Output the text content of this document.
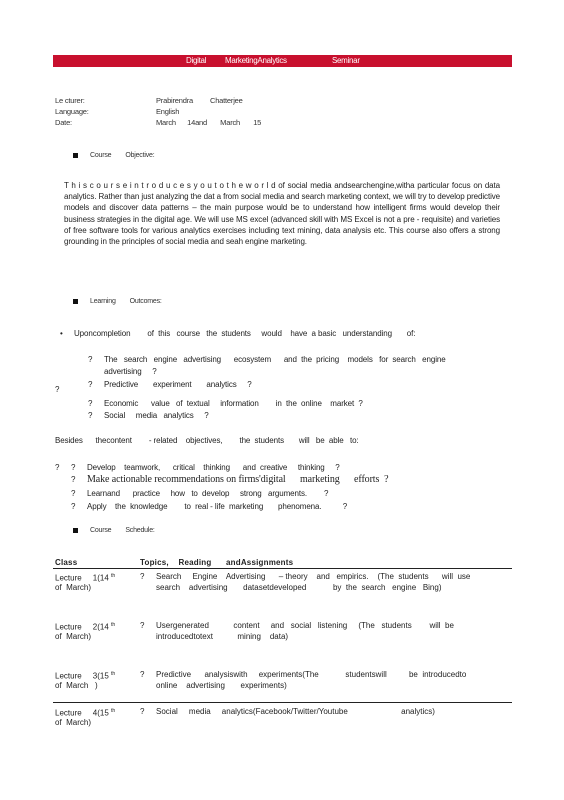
Digital MarketingAnalytics	Seminar
Le cturer:	Prabirendra Chatterjee
Language:	English
Date:	March      14and       March       15
Course        Objective:
T h i s c o u r s e i n t r o d u c e s y o u t o t h e w o r l d of social media andsearchengine,witha particular focus on data analytics. Rather than just analyzing the dat a from social media and search marketing context, we will try to develop predictive models and discover data patterns – the main purpose would be to understand how intelligent firms would develop their business strategies in the digital age. We will use MS excel (advanced skill with MS Excel is not a pre - requisite) and varieties of free software tools for various analytics exercises including text mining, data analysis etc. This course also offers a strong grounding in the principles of social media and seah engine marketing.
Learning        Outcomes:
• Uponcompletion        of  this   course   the  students     would    have  a basic   understanding       of:
? The   search   engine   advertising      ecosystem      and  the  pricing    models   for  search   engine
advertising     ?
? Predictive       experiment       analytics     ?
?
? Economic      value   of  textual     information        in  the  online    market  ?
? Social     media   analytics     ?
Besides      thecontent        - related    objectives,        the  students       will   be  able   to:
? ? Develop    teamwork,      critical    thinking      and  creative     thinking     ?
? Make actionable recommendations on firms'digital      marketing      efforts  ?
? Learnand      practice     how   to  develop     strong   arguments.        ?
? Apply    the  knowledge        to  real - life  marketing       phenomena.          ?
Course        Schedule:
Class	Topics,    Reading      andAssignments
Lecture     1(14 $^{th}$
of  March)
? Search     Engine    Advertising      – theory    and   empirics.    (The  students      will  use   search    advertising       datasetdeveloped            by  the  search   engine   Bing)
Lecture     2(14 $^{th}$
of  March)
? Usergenerated           content     and   social   listening     (The   students        will  be  introducedtotext           mining    data)
Lecture     3(15 $^{th}$
of  March   )
? Predictive      analysiswith     experiments(The            studentswill          be  introducedto      online    advertising       experiments)
Lecture     4(15 $^{th}$
of  March)
? Social     media     analytics(Facebook/Twitter/Youtube                        analytics)
